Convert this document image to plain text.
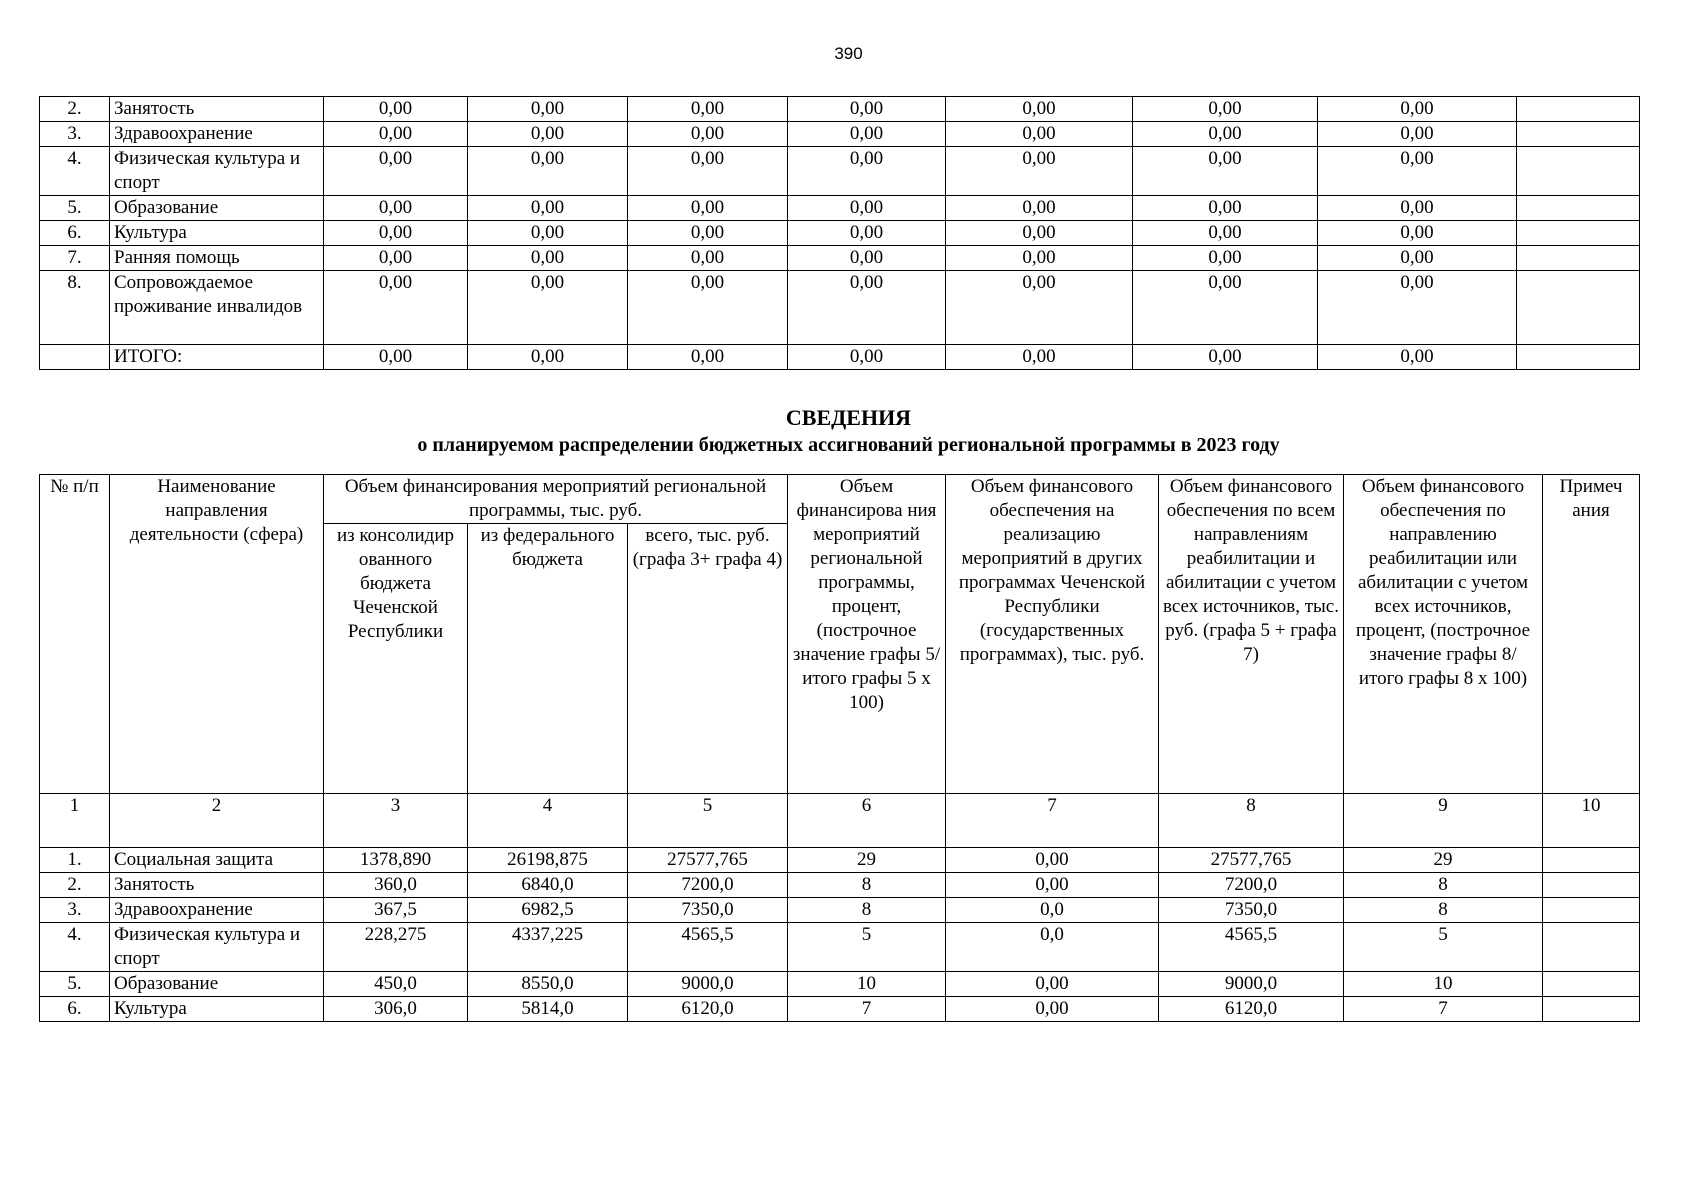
390
2.	Занятость	0,00	0,00	0,00	0,00	0,00	0,00	0,00	
3.	Здравоохранение	0,00	0,00	0,00	0,00	0,00	0,00	0,00	
4.	Физическая культура и спорт	0,00	0,00	0,00	0,00	0,00	0,00	0,00	
5.	Образование	0,00	0,00	0,00	0,00	0,00	0,00	0,00	
6.	Культура	0,00	0,00	0,00	0,00	0,00	0,00	0,00	
7.	Ранняя помощь	0,00	0,00	0,00	0,00	0,00	0,00	0,00	
8.	Сопровождаемое проживание инвалидов	0,00	0,00	0,00	0,00	0,00	0,00	0,00	
	ИТОГО:	0,00	0,00	0,00	0,00	0,00	0,00	0,00	
СВЕДЕНИЯ
о планируемом распределении бюджетных ассигнований региональной программы в 2023 году
№ п/п	Наименование направления деятельности (сфера)	Объем финансирования мероприятий региональной программы, тыс. руб.			Объем финансирова ния мероприятий региональной программы, процент, (построчное значение графы 5/ итого графы 5 х 100)	Объем финансового обеспечения на реализацию мероприятий в других программах Чеченской Республики (государственных программах), тыс. руб.	Объем финансового обеспечения по всем направлениям реабилитации и абилитации с учетом всех источников, тыс. руб. (графа 5 + графа 7)	Объем финансового обеспечения по направлению реабилитации или абилитации с учетом всех источников, процент, (построчное значение графы 8/ итого графы 8 х 100)	Примеч ания
		из консолидир ованного бюджета Чеченской Республики	из федерального бюджета	всего, тыс. руб. (графа 3+ графа 4)					
1	2	3	4	5	6	7	8	9	10
1.	Социальная защита	1378,890	26198,875	27577,765	29	0,00	27577,765	29	
2.	Занятость	360,0	6840,0	7200,0	8	0,00	7200,0	8	
3.	Здравоохранение	367,5	6982,5	7350,0	8	0,0	7350,0	8	
4.	Физическая культура и спорт	228,275	4337,225	4565,5	5	0,0	4565,5	5	
5.	Образование	450,0	8550,0	9000,0	10	0,00	9000,0	10	
6.	Культура	306,0	5814,0	6120,0	7	0,00	6120,0	7	
